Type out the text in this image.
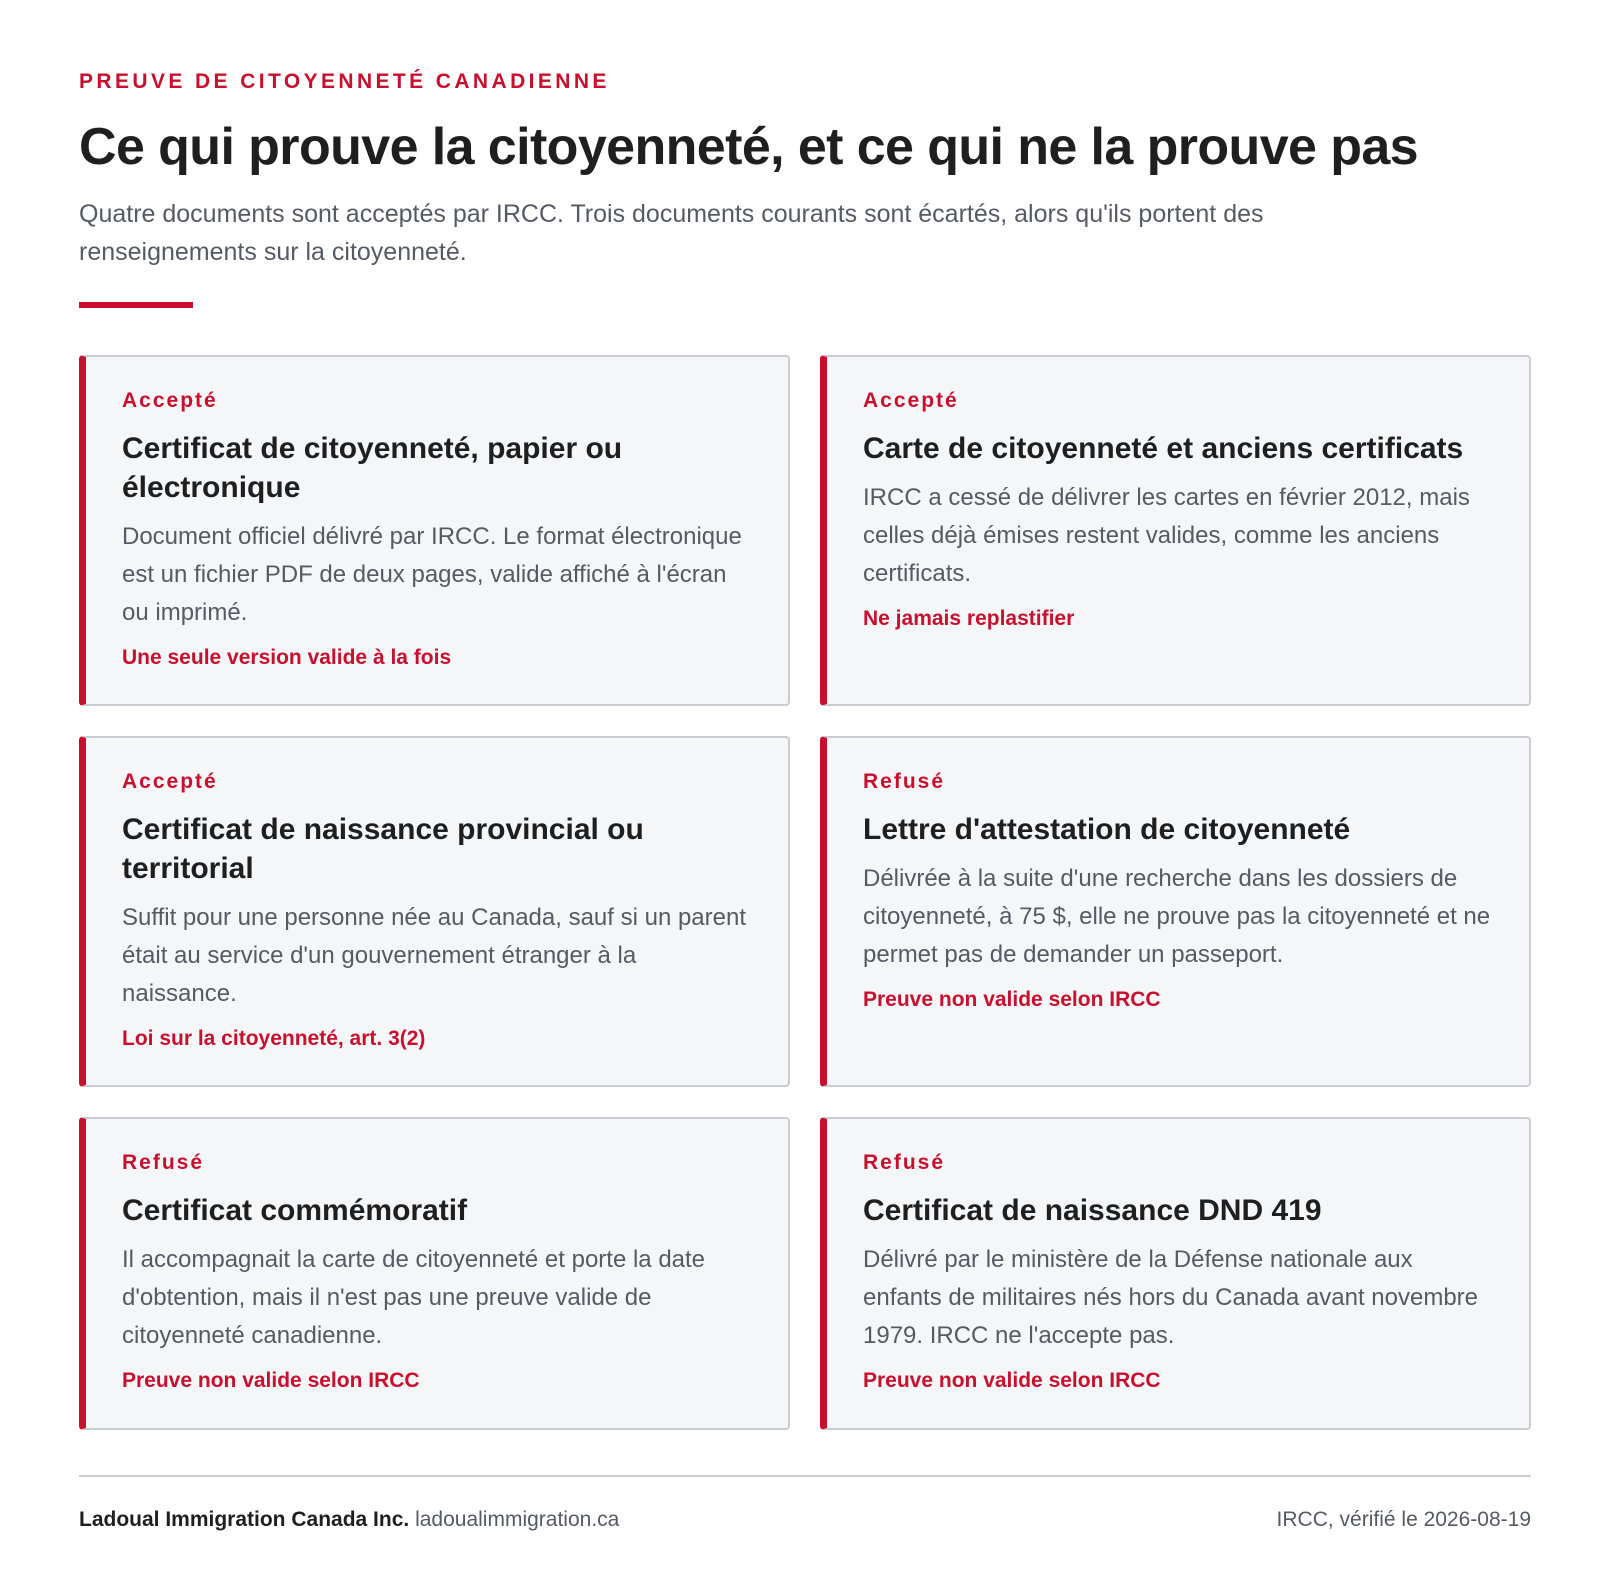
PREUVE DE CITOYENNETÉ CANADIENNE
Ce qui prouve la citoyenneté, et ce qui ne la prouve pas

Quatre documents sont acceptés par IRCC. Trois documents courants sont écartés, alors qu'ils portent des renseignements sur la citoyenneté.

Accepté
Certificat de citoyenneté, papier ou électronique

Document officiel délivré par IRCC. Le format électronique est un fichier PDF de deux pages, valide affiché à l'écran ou imprimé.

Une seule version valide à la fois
Accepté
Carte de citoyenneté et anciens certificats

IRCC a cessé de délivrer les cartes en février 2012, mais celles déjà émises restent valides, comme les anciens certificats.

Ne jamais replastifier
Accepté
Certificat de naissance provincial ou territorial

Suffit pour une personne née au Canada, sauf si un parent était au service d'un gouvernement étranger à la naissance.

Loi sur la citoyenneté, art. 3(2)
Refusé
Lettre d'attestation de citoyenneté

Délivrée à la suite d'une recherche dans les dossiers de citoyenneté, à 75 $, elle ne prouve pas la citoyenneté et ne permet pas de demander un passeport.

Preuve non valide selon IRCC
Refusé
Certificat commémoratif

Il accompagnait la carte de citoyenneté et porte la date d'obtention, mais il n'est pas une preuve valide de citoyenneté canadienne.

Preuve non valide selon IRCC
Refusé
Certificat de naissance DND 419

Délivré par le ministère de la Défense nationale aux enfants de militaires nés hors du Canada avant novembre 1979. IRCC ne l'accepte pas.

Preuve non valide selon IRCC
Ladoual Immigration Canada Inc. ladoualimmigration.ca	IRCC, vérifié le 2026-08-19
